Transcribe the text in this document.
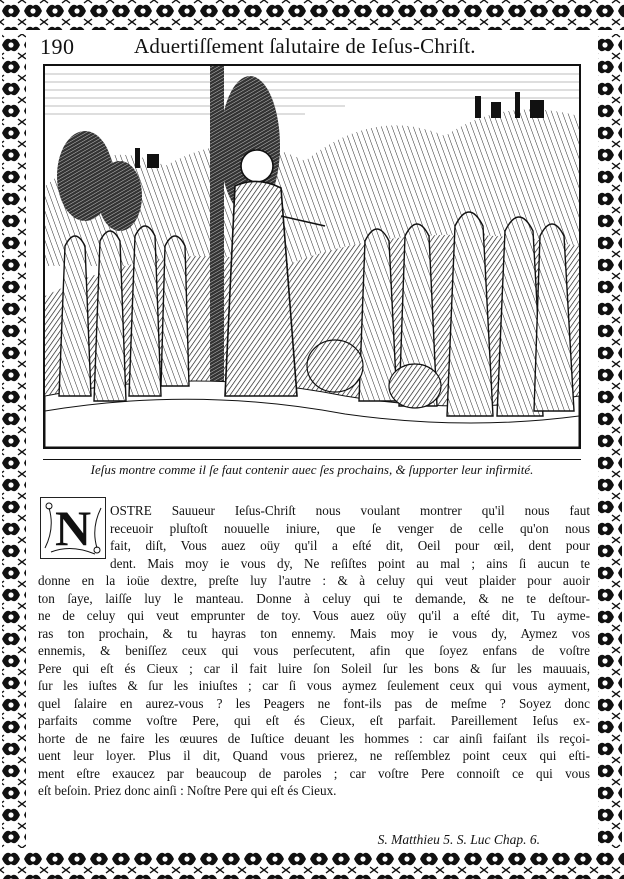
190	Aduertiſſement ſalutaire de Ieſus-Chriſt.
Ieſus montre comme il ſe faut contenir auec ſes prochains, & ſupporter leur infirmité.
N	OSTRE Sauueur Ieſus-Chriſt nous voulant montrer qu'il nous faut
receuoir pluſtoſt nouuelle iniure, que ſe venger de celle qu'on nous
fait, diſt, Vous auez oüy qu'il a eſté dit, Oeil pour œil, dent pour
dent. Mais moy ie vous dy, Ne reſiſtes point au mal ; ains ſi aucun te
donne en la ioüe dextre, preſte luy l'autre : & à celuy qui veut plaider pour auoir
ton ſaye, laiſſe luy le manteau. Donne à celuy qui te demande, & ne te deſtour-
ne de celuy qui veut emprunter de toy. Vous auez oüy qu'il a eſté dit, Tu ayme-
ras ton prochain, & tu hayras ton ennemy. Mais moy ie vous dy, Aymez vos
ennemis, & beniſſez ceux qui vous perſecutent, afin que ſoyez enfans de voſtre
Pere qui eſt és Cieux ; car il fait luire ſon Soleil ſur les bons & ſur les mauuais,
ſur les iuſtes & ſur les iniuſtes ; car ſi vous aymez ſeulement ceux qui vous ayment,
quel ſalaire en aurez-vous ? les Peagers ne font-ils pas de meſme ? Soyez donc
parfaits comme voſtre Pere, qui eſt és Cieux, eſt parfait. Pareillement Ieſus ex-
horte de ne faire les œuures de Iuſtice deuant les hommes : car ainſi faiſant ils reçoi-
uent leur loyer. Plus il dit, Quand vous prierez, ne reſſemblez point ceux qui eſti-
ment eſtre exaucez par beaucoup de paroles ; car voſtre Pere connoiſt ce qui vous
eſt beſoin. Priez donc ainſi : Noſtre Pere qui eſt és Cieux.
S. Matthieu 5. S. Luc Chap. 6.
